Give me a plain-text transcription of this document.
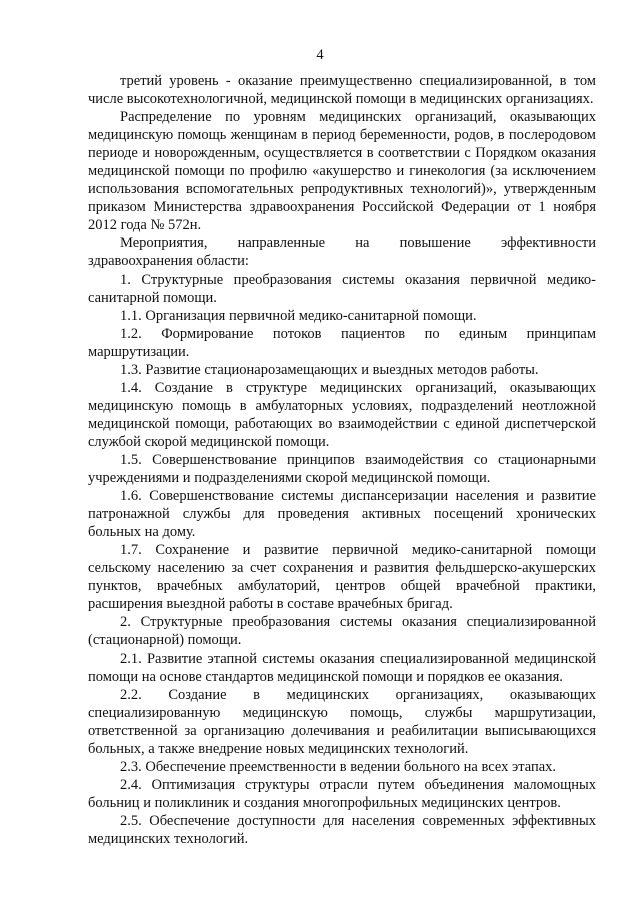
4

третий уровень - оказание преимущественно специализированной, в том числе высокотехнологичной, медицинской помощи в медицинских организациях.

Распределение по уровням медицинских организаций, оказывающих медицинскую помощь женщинам в период беременности, родов, в послеродовом периоде и новорожденным, осуществляется в соответствии с Порядком оказания медицинской помощи по профилю «акушерство и гинекология (за исключением использования вспомогательных репродуктивных технологий)», утвержденным приказом Министерства здравоохранения Российской Федерации от 1 ноября 2012 года № 572н.

Мероприятия, направленные на повышение эффективности здравоохранения области:

1. Структурные преобразования системы оказания первичной медико-санитарной помощи.

1.1. Организация первичной медико-санитарной помощи.

1.2. Формирование потоков пациентов по единым принципам маршрутизации.

1.3. Развитие стационарозамещающих и выездных методов работы.

1.4. Создание в структуре медицинских организаций, оказывающих медицинскую помощь в амбулаторных условиях, подразделений неотложной медицинской помощи, работающих во взаимодействии с единой диспетчерской службой скорой медицинской помощи.

1.5. Совершенствование принципов взаимодействия со стационарными учреждениями и подразделениями скорой медицинской помощи.

1.6. Совершенствование системы диспансеризации населения и развитие патронажной службы для проведения активных посещений хронических больных на дому.

1.7. Сохранение и развитие первичной медико-санитарной помощи сельскому населению за счет сохранения и развития фельдшерско-акушерских пунктов, врачебных амбулаторий, центров общей врачебной практики, расширения выездной работы в составе врачебных бригад.

2. Структурные преобразования системы оказания специализированной (стационарной) помощи.

2.1. Развитие этапной системы оказания специализированной медицинской помощи на основе стандартов медицинской помощи и порядков ее оказания.

2.2. Создание в медицинских организациях, оказывающих специализированную медицинскую помощь, службы маршрутизации, ответственной за организацию долечивания и реабилитации выписывающихся больных, а также внедрение новых медицинских технологий.

2.3. Обеспечение преемственности в ведении больного на всех этапах.

2.4. Оптимизация структуры отрасли путем объединения маломощных больниц и поликлиник и создания многопрофильных медицинских центров.

2.5. Обеспечение доступности для населения современных эффективных медицинских технологий.
